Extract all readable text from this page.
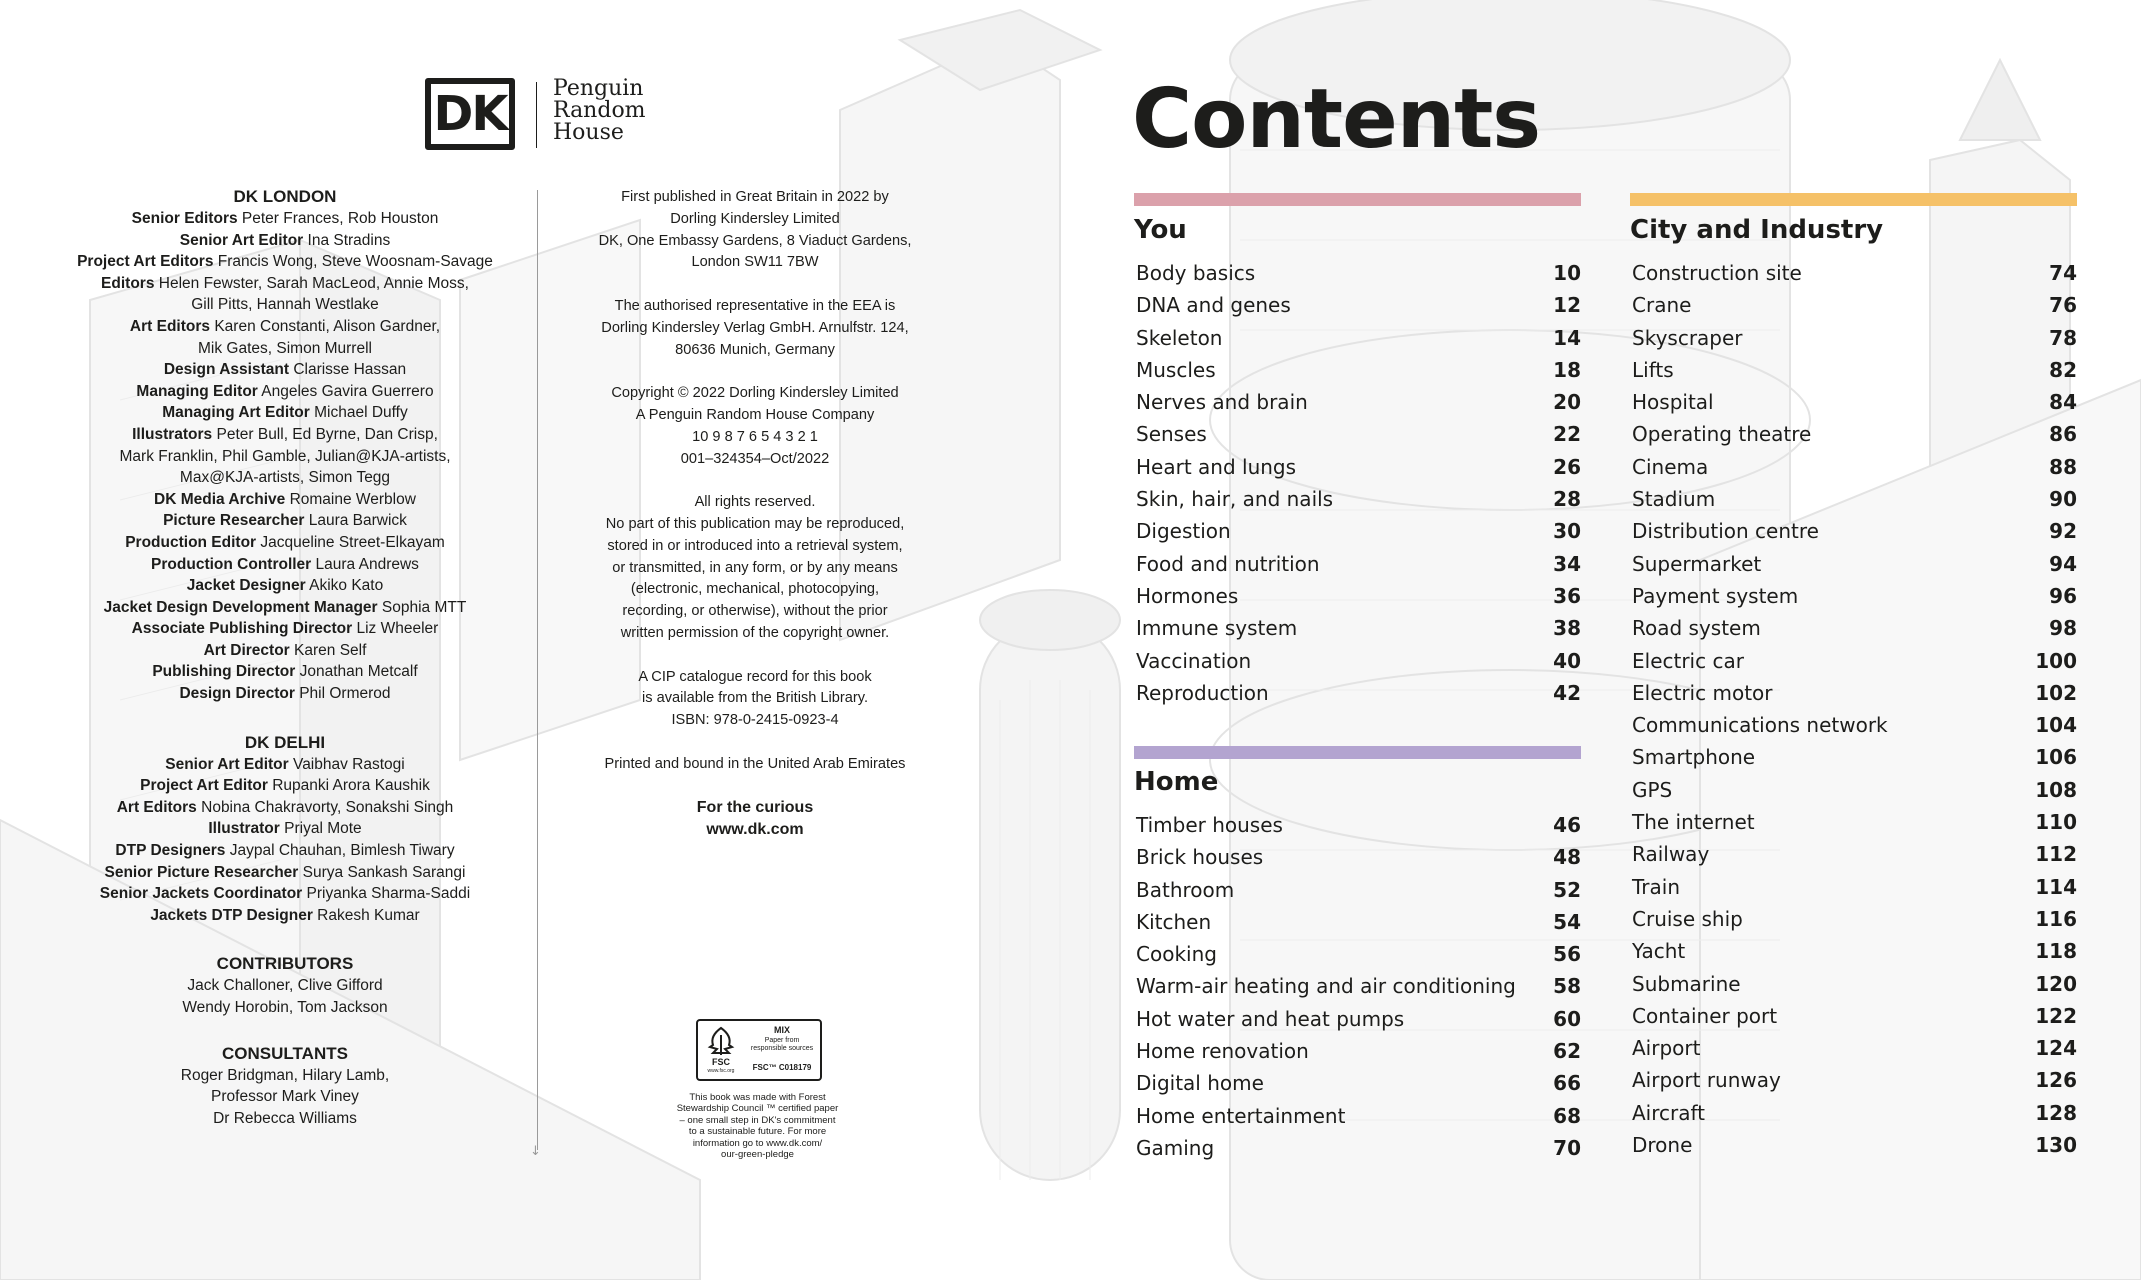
DK	Penguin
Random
House

DK LONDON

Senior Editors Peter Frances, Rob Houston

Senior Art Editor Ina Stradins

Project Art Editors Francis Wong, Steve Woosnam-Savage

Editors Helen Fewster, Sarah MacLeod, Annie Moss,

Gill Pitts, Hannah Westlake

Art Editors Karen Constanti, Alison Gardner,

Mik Gates, Simon Murrell

Design Assistant Clarisse Hassan

Managing Editor Angeles Gavira Guerrero

Managing Art Editor Michael Duffy

Illustrators Peter Bull, Ed Byrne, Dan Crisp,

Mark Franklin, Phil Gamble, Julian@KJA-artists,

Max@KJA-artists, Simon Tegg

DK Media Archive Romaine Werblow

Picture Researcher Laura Barwick

Production Editor Jacqueline Street-Elkayam

Production Controller Laura Andrews

Jacket Designer Akiko Kato

Jacket Design Development Manager Sophia MTT

Associate Publishing Director Liz Wheeler

Art Director Karen Self

Publishing Director Jonathan Metcalf

Design Director Phil Ormerod

DK DELHI

Senior Art Editor Vaibhav Rastogi

Project Art Editor Rupanki Arora Kaushik

Art Editors Nobina Chakravorty, Sonakshi Singh

Illustrator Priyal Mote

DTP Designers Jaypal Chauhan, Bimlesh Tiwary

Senior Picture Researcher Surya Sankash Sarangi

Senior Jackets Coordinator Priyanka Sharma-Saddi

Jackets DTP Designer Rakesh Kumar

CONTRIBUTORS

Jack Challoner, Clive Gifford

Wendy Horobin, Tom Jackson

CONSULTANTS

Roger Bridgman, Hilary Lamb,

Professor Mark Viney

Dr Rebecca Williams

↓

First published in Great Britain in 2022 by
Dorling Kindersley Limited
DK, One Embassy Gardens, 8 Viaduct Gardens,
London SW11 7BW

The authorised representative in the EEA is
Dorling Kindersley Verlag GmbH. Arnulfstr. 124,
80636 Munich, Germany

Copyright © 2022 Dorling Kindersley Limited
A Penguin Random House Company
10 9 8 7 6 5 4 3 2 1
001–324354–Oct/2022

All rights reserved.
No part of this publication may be reproduced,
stored in or introduced into a retrieval system,
or transmitted, in any form, or by any means
(electronic, mechanical, photocopying,
recording, or otherwise), without the prior
written permission of the copyright owner.

A CIP catalogue record for this book
is available from the British Library.
ISBN: 978-0-2415-0923-4

Printed and bound in the United Arab Emirates

For the curious

www.dk.com

FSC
www.fsc.org
MIX
Paper from
responsible sources
FSC™ C018179
This book was made with Forest
Stewardship Council ™ certified paper
– one small step in DK's commitment
to a sustainable future. For more
information go to www.dk.com/
our-green-pledge
Contents
You
Body basics	10
DNA and genes	12
Skeleton	14
Muscles	18
Nerves and brain	20
Senses	22
Heart and lungs	26
Skin, hair, and nails	28
Digestion	30
Food and nutrition	34
Hormones	36
Immune system	38
Vaccination	40
Reproduction	42
Home
Timber houses	46
Brick houses	48
Bathroom	52
Kitchen	54
Cooking	56
Warm-air heating and air conditioning 58
Hot water and heat pumps	60
Home renovation	62
Digital home	66
Home entertainment	68
Gaming	70
City and Industry
Construction site	74
Crane	76
Skyscraper	78
Lifts	82
Hospital	84
Operating theatre	86
Cinema	88
Stadium	90
Distribution centre	92
Supermarket	94
Payment system	96
Road system	98
Electric car	100
Electric motor	102
Communications network	104
Smartphone	106
GPS	108
The internet	110
Railway	112
Train	114
Cruise ship	116
Yacht	118
Submarine	120
Container port	122
Airport	124
Airport runway	126
Aircraft	128
Drone	130
